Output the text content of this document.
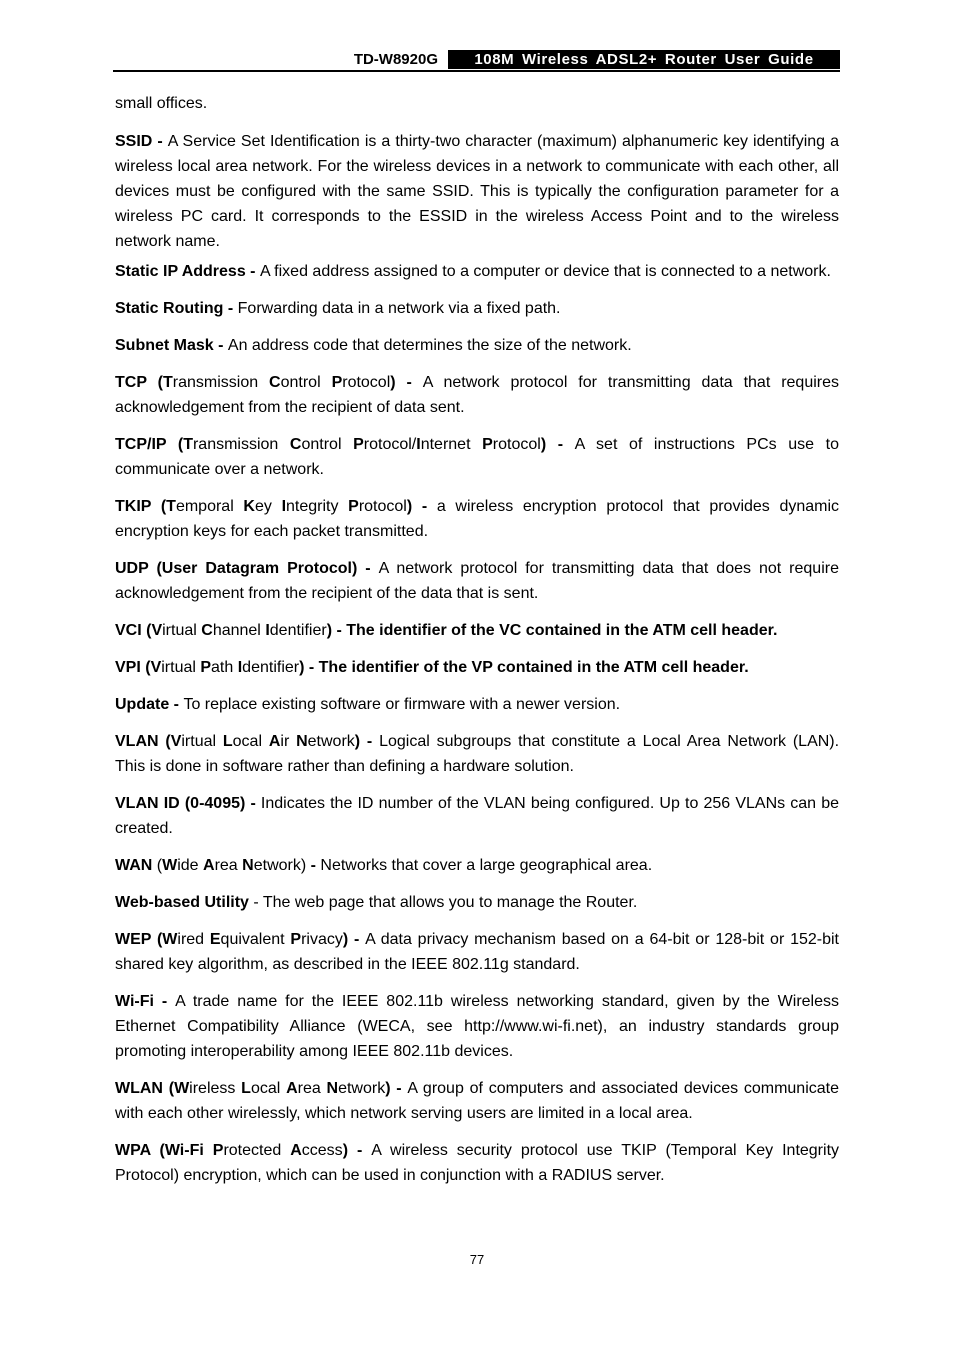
TD-W8920G	108M Wireless ADSL2+ Router User Guide

small offices.

SSID - A Service Set Identification is a thirty-two character (maximum) alphanumeric key identifying a wireless local area network. For the wireless devices in a network to communicate with each other, all devices must be configured with the same SSID. This is typically the configuration parameter for a wireless PC card. It corresponds to the ESSID in the wireless Access Point and to the wireless network name.

Static IP Address - A fixed address assigned to a computer or device that is connected to a network.

Static Routing - Forwarding data in a network via a fixed path.

Subnet Mask - An address code that determines the size of the network.

TCP (Transmission Control Protocol) - A network protocol for transmitting data that requires acknowledgement from the recipient of data sent.

TCP/IP (Transmission Control Protocol/Internet Protocol) - A set of instructions PCs use to communicate over a network.

TKIP (Temporal Key Integrity Protocol) - a wireless encryption protocol that provides dynamic encryption keys for each packet transmitted.

UDP (User Datagram Protocol) - A network protocol for transmitting data that does not require acknowledgement from the recipient of the data that is sent.

VCI (Virtual Channel Identifier) - The identifier of the VC contained in the ATM cell header.

VPI (Virtual Path Identifier) - The identifier of the VP contained in the ATM cell header.

Update - To replace existing software or firmware with a newer version.

VLAN (Virtual Local Air Network) - Logical subgroups that constitute a Local Area Network (LAN). This is done in software rather than defining a hardware solution.

VLAN ID (0-4095) - Indicates the ID number of the VLAN being configured. Up to 256 VLANs can be created.

WAN (Wide Area Network) - Networks that cover a large geographical area.

Web-based Utility - The web page that allows you to manage the Router.

WEP (Wired Equivalent Privacy) - A data privacy mechanism based on a 64-bit or 128-bit or 152-bit shared key algorithm, as described in the IEEE 802.11g standard.

Wi-Fi - A trade name for the IEEE 802.11b wireless networking standard, given by the Wireless Ethernet Compatibility Alliance (WECA, see http://www.wi-fi.net), an industry standards group promoting interoperability among IEEE 802.11b devices.

WLAN (Wireless Local Area Network) - A group of computers and associated devices communicate with each other wirelessly, which network serving users are limited in a local area.

WPA (Wi-Fi Protected Access) - A wireless security protocol use TKIP (Temporal Key Integrity Protocol) encryption, which can be used in conjunction with a RADIUS server.

77
